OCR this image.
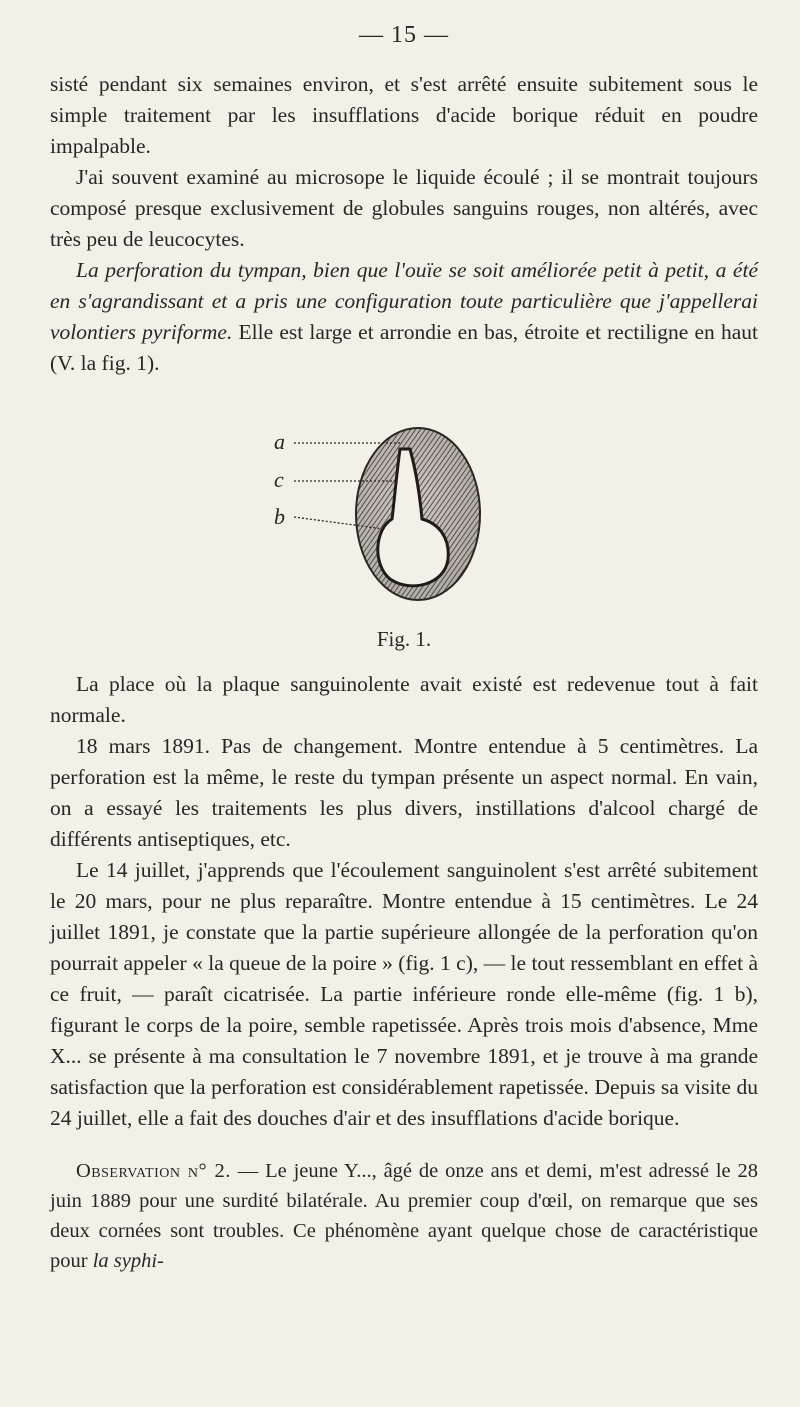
— 15 —

sisté pendant six semaines environ, et s'est arrêté ensuite subitement sous le simple traitement par les insufflations d'acide borique réduit en poudre impalpable.

J'ai souvent examiné au microsope le liquide écoulé ; il se montrait toujours composé presque exclusivement de globules sanguins rouges, non altérés, avec très peu de leucocytes.

La perforation du tympan, bien que l'ouïe se soit améliorée petit à petit, a été en s'agrandissant et a pris une configuration toute particulière que j'appellerai volontiers pyriforme. Elle est large et arrondie en bas, étroite et rectiligne en haut (V. la fig. 1).

a
c
b
Fig. 1.

La place où la plaque sanguinolente avait existé est redevenue tout à fait normale.

18 mars 1891. Pas de changement. Montre entendue à 5 centimètres. La perforation est la même, le reste du tympan présente un aspect normal. En vain, on a essayé les traitements les plus divers, instillations d'alcool chargé de différents antiseptiques, etc.

Le 14 juillet, j'apprends que l'écoulement sanguinolent s'est arrêté subitement le 20 mars, pour ne plus reparaître. Montre entendue à 15 centimètres. Le 24 juillet 1891, je constate que la partie supérieure allongée de la perforation qu'on pourrait appeler « la queue de la poire » (fig. 1 c), — le tout ressemblant en effet à ce fruit, — paraît cicatrisée. La partie inférieure ronde elle-même (fig. 1 b), figurant le corps de la poire, semble rapetissée. Après trois mois d'absence, Mme X... se présente à ma consultation le 7 novembre 1891, et je trouve à ma grande satisfaction que la perforation est considérablement rapetissée. Depuis sa visite du 24 juillet, elle a fait des douches d'air et des insufflations d'acide borique.

Observation n° 2. — Le jeune Y..., âgé de onze ans et demi, m'est adressé le 28 juin 1889 pour une surdité bilatérale. Au premier coup d'œil, on remarque que ses deux cornées sont troubles. Ce phénomène ayant quelque chose de caractéristique pour la syphi-
